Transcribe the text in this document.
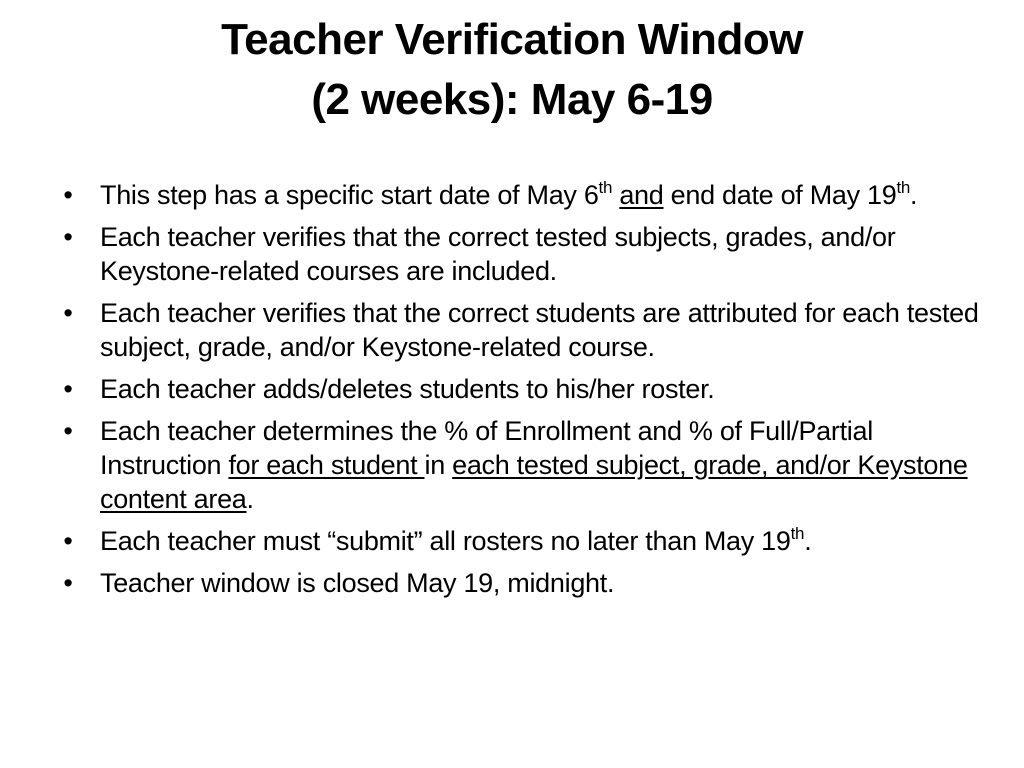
Teacher Verification Window
(2 weeks): May 6-19
• This step has a specific start date of May 6th and end date of May 19th.
• Each teacher verifies that the correct tested subjects, grades, and/or Keystone-related courses are included.
• Each teacher verifies that the correct students are attributed for each tested subject, grade, and/or Keystone-related course.
• Each teacher adds/deletes students to his/her roster.
• Each teacher determines the % of Enrollment and % of Full/Partial Instruction for each student in each tested subject, grade, and/or Keystone content area.
• Each teacher must “submit” all rosters no later than May 19th.
• Teacher window is closed May 19, midnight.
